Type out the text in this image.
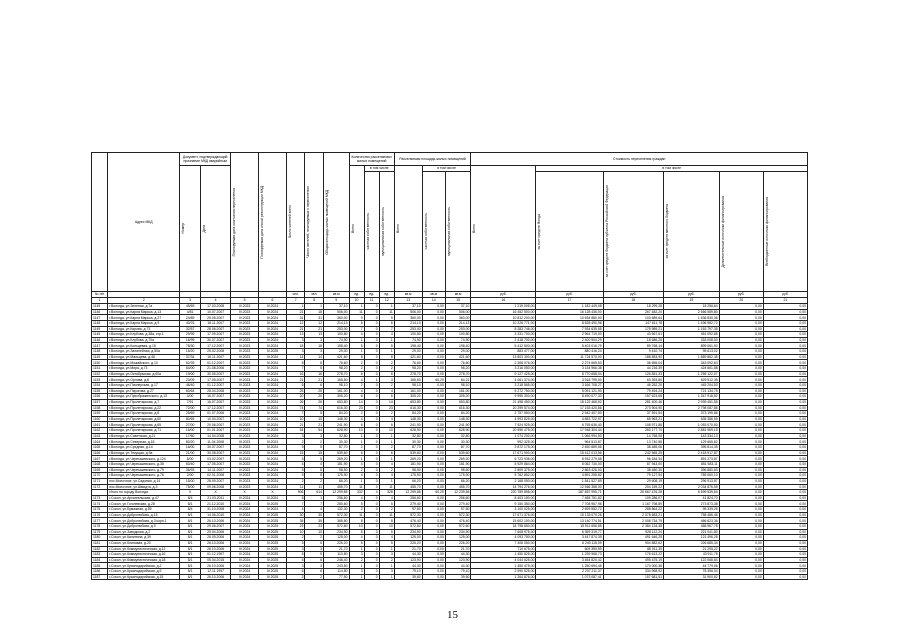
	Адрес МКД	Документ, подтверждающий признание МКД аварийным		Планируемая дата окончания переселения	Планируемая дата сноса/ реконструкции МКД	Число жителей всего	Число жителей, планируемых к переселению	Общая площадь жилых помещений МКД	Количество расселяемых жилых помещений			Расселяемая площадь жилых помещений			Стоимость переселения граждан					

		Номер	Дата						Всего	в том числе		Всего	в том числе		Всего	в том числе				

										частная собственность	муниципальная собственность		частная собственность	муниципальная собственность		за счет средств Фонда	за счет средств бюджета субъекта Российской Федерации	за счет средств местного бюджета	Дополнительные источники финансирования	Внебюджетные источники финансирования

№ п/п						чел.	чел.	кв.м	ед.	ед.	ед.	кв.м	кв.м	кв.м	руб.	руб.	руб.	руб.	руб.	руб.
1	2	3	4	5	6	7	8	9	10	11	12	13	14	15	16	17	18	19	20	21
1145	г.Вологда, ул.Зеленая, д.7а	45/69	17.03.2008	IV.2023	IV.2024	1	1	37,10	1	0	1	37,10	0,00	37,10	1 219 005,00	1 182 449,08	18 299,28	18 256,64	0,00	0,00
1146	г.Вологда, ул.Карла Маркса, д.13	4/81	10.07.2007	IV.2023	IV.2024	21	18	506,00	11	0	11	506,00	0,00	506,00	16 452 500,00	16 128 436,00	267 482,20	2 666 589,80	0,00	0,00
1147	г.Вологда, ул.Карла Маркса, д.27	24/89	25.05.2007	IV.2023	IV.2024	31	31	360,00	9	0	9	360,00	0,00	360,00	10 812 200,00	10 654 880,00	103 689,64	1 536 830,36	0,00	0,00
1148	г.Вологда, ул.Карла Маркса, д.9	40/76	18.11.2007	IV.2023	IV.2024	12	12	214,13	6	0	6	214,13	0,00	214,13	10 226 771,00	8 528 490,96	147 611,78	1 496 982,72	0,00	0,00
1149	г.Вологда, ул.Кирова, д.73	32/57	28.06.2007	IV.2023	IV.2024	21	21	253,00	7	0	7	253,00	0,00	253,00	8 283 746,00	7 934 635,55	179 989,21	1 153 797,35	0,00	0,00
1145	г.Вологда, ул.Клубова, д.38а, стр.1	29/99	17.09.2007	IV.2023	IV.2024	13	13	100,80	4	0	4	100,80	0,00	100,80	3 331 700,00	2 964 719,00	43 567,61	451 092,85	0,00	0,00
1146	г.Вологда, ул.Клубова, д.70а	16/99	30.07.2007	IV.2023	IV.2024	3	3	74,90	1	0	1	74,90	0,00	74,90	2 418 700,00	2 400 504,29	18 686,25	333 008,00	0,00	0,00
1147	г.Вологда, ул.Кольцевая, д.19	78/30	17.12.2007	IV.2023	IV.2024	18	18	198,40	5	0	5	198,40	0,00	198,40	5 412 500,00	5 403 016,79	89 768,14	899 061,92	0,00	0,00
1148	г.Вологда, ул.Залинейная, д.50а	15/20	25.02.2008	IV.2023	IV.2025	3	3	29,00	1	0	1	29,00	0,00	29,00	883 477,00	880 416,24	9 410,74	95 613,02	0,00	0,00
1149	г.Вологда, ул.Мальцева, д.46	37/34	16.11.2007	IV.2023	IV.2024	14	14	421,60	8	0	8	421,60	0,00	421,60	13 803 300,00	11 724 570,00	188 853,90	1 889 882,38	0,00	0,00
1150	г.Вологда, ул.Можайского, д.10	52/39	01.12.2007	III.2023	IV.2024	8	8	76,60	2	0	2	76,60	0,00	76,60	2 308 076,00	2 274 665,53	36 655,04	343 092,63	0,00	0,00
1151	г.Вологда, ул.Мира, д.73	64/00	21.08.2006	III.2023	IV.2024	7	5	98,20	2	0	2	98,20	0,00	98,20	3 216 050,00	3 134 966,38	44 216,39	424 661,88	0,00	0,00
1152	г.Вологда, ул.Октябрьская, д.60а	19/00	30.05.2007	IV.2023	IV.2024	16	16	278,70	6	0	6	278,70	0,00	278,70	9 127 425,00	8 770 658,04	126 851,33	1 255 122,07	0,00	0,00
1153	г.Вологда, ул.Орлова, д.6	23/09	17.05.2007	IV.2023	IV.2024	21	21	165,50	4	1	3	165,50	60,29	64,21	4 061 374,00	3 918 799,00	63 393,80	629 512,35	0,00	0,00
1154	г.Вологда, ул.Пионерская, д.17	46/40	01.12.2007	IV.2023	IV.2024	6	6	98,10	2	0	2	98,10	0,00	98,10	3 218 565,00	3 166 708,27	46 252,20	445 204,53	0,00	0,00
1155	г.Вологда, ул.Пирогова, д.27	60/64	28.04.2008	III.2023	IV.2024	25	25	161,00	4	0	4	161,00	0,00	161,00	5 272 750,00	5 091 121,90	79 494,24	721 134,75	0,00	0,00
1156	г.Вологда, ул.Преображенского, д.13	4/00	16.07.2007	IV.2023	IV.2024	20	20	305,20	6	0	6	305,20	0,00	305,20	9 995 300,00	8 490 077,33	157 623,65	1 347 918,82	0,00	0,00
1157	г.Вологда, ул.Пролетарская, д.7	7/91	16.07.2007	IV.2023	IV.2024	26	26	653,80	14	0	14	653,80	0,00	653,80	21 498 450,00	18 122 468,92	281 400,46	2 939 451,55	0,00	0,00
1158	г.Вологда, ул.Пролетарская, д.22	72/00	17.12.2007	IV.2023	IV.2024	74	74	616,30	23	0	23	616,30	0,00	616,30	20 299 574,00	17 153 420,86	273 904,90	2 798 087,86	0,00	0,00
1159	г.Вологда, ул.Пролетарская, д.8	25/69	01.07.2006	IV.2023	IV.2024	7	5	84,20	2	0	2	84,20	0,00	84,20	2 757 550,00	2 542 407,50	37 591,54	373 195,86	0,00	0,00
1160	г.Вологда, ул.Пролетарская, д.60	80/69	10.04.2007	IV.2023	IV.2024	10	10	148,30	4	0	4	148,30	0,00	148,30	4 993 825,00	4 853 722,97	65 963,21	635 386,59	0,00	0,00
1161	г.Вологда, ул.Пролетарская, д.65	27/00	20.06.2007	IV.2023	IV.2024	21	21	241,90	6	0	6	241,90	0,00	241,90	7 924 925,00	6 755 636,40	108 971,88	1 053 070,50	0,00	0,00
1162	г.Вологда, ул.Пролетарская, д.71	16/00	01.01.2007	IV.2023	IV.2024	54	54	628,90	10	0	10	628,90	0,00	628,90	20 596 475,00	17 948 304,44	283 177,70	2 881 969,15	0,00	0,00
1163	г.Вологда, ул.Советская, д.21	17/60	14.04.2008	III.2023	IV.2024	3	3	32,80	1	0	1	32,80	0,00	32,80	1 074 200,00	1 066 994,50	14 768,05	143 334,13	0,00	0,00
1164	г.Вологда, ул.Северная, д.18	80/20	11.04.2008	III.2023	IV.2024	2	2	30,30	1	0	1	30,30	0,00	30,30	992 325,00	964 513,87	13 740,58	129 665,82	0,00	0,00
1165	г.Вологда, ул.Средняя, д.14	16/00	30.07.2007	IV.2023	IV.2024	5	5	87,70	2	0	2	87,70	0,00	87,70	2 872 175,00	2 450 889,56	38 485,06	395 814,35	0,00	0,00
1166	г.Вологда, ул.Текущая, д.9а	21/00	30.08.2007	IV.2023	IV.2024	15	15	539,60	6	0	6	539,60	0,00	539,60	17 671 900,00	15 412 013,56	242 565,25	2 418 917,87	0,00	0,00
1167	г.Вологда, ул.Чернышевского, д.124	6/00	03.02.2007	III.2023	IV.2024	5	5	269,20	1	0	1	269,20	0,00	269,20	6 723 936,00	5 932 279,58	96 184,34	891 273,87	0,00	0,00
1168	г.Вологда, ул.Чернышевского, д.35	60/40	17.05.2007	IV.2023	IV.2024	4	4	181,90	4	0	4	181,90	0,00	181,90	5 929 864,00	5 062 730,00	87 943,00	851 583,11	0,00	0,00
1169	г.Вологда, ул.Чернышевского, д.79	36/93	14.11.2007	IV.2023	IV.2024	5	5	98,50	2	0	2	98,50	0,00	98,50	2 809 375,00	2 863 426,00	38 480,30	396 880,83	0,00	0,00
1170	г.Вологда, ул.Чернышевского, д.76	2/00	02.01.2008	IV.2023	IV.2024	5	5	175,90	4	0	4	175,90	0,00	175,90	5 762 852,00	4 891 255,82	79 127,54	789 060,10	0,00	0,00
1171	пос.Молочное, ул.Садовая, д.14	15/00	28.09.2007	IV.2023	IV.2024	2	2	66,20	1	0	1	66,20	0,00	66,20	2 168 050,00	1 841 527,89	29 608,19	296 913,87	0,00	0,00
1172	пос.Молочное, ул.Шмидта, д.3	75/00	09.06.2008	IV.2023	IV.2024	11	11	455,70	11	0	11	455,70	0,00	455,70	14 794 276,00	12 566 358,00	204 159,22	2 034 876,55	0,00	0,00
	Итого по городу Вологда	X	X	X	X	906	614	12 299,85	332	4	328	12 299,85	60,29	12 239,56	220 789 898,00	187 857 995,71	26 667 476,28	6 599 539,84	0,00	0,00
1173	г.Сокол, ул.Архангельская, д.47	8/4	21.03.2011	IV.2024	IV.2024	5	1	256,60	4	0	4	256,60	0,00	256,60	8 403 150,00	7 485 751,82	109 286,07	41 824,70	0,00	0,00
1174	г.Сокол, ул.Гоголевская, д.28	8/1	21.12.2010	IV.2024	IV.2025	7	7	280,60	5	0	5	279,40	0,00	279,40	9 150 350,00	7 708 967,96	1 167 798,89	273 873,38	0,00	0,00
1175	г.Сокол, ул.Бумажная, д.59	8/4	31.10.2008	IV.2024	IV.2024	4	4	132,30	2	0	2	97,50	0,00	97,50	3 100 025,00	2 699 552,72	288 864,22	95 339,26	0,00	0,00
1176	г.Сокол, ул.Добролюбова, д.15	8/1	14.06.2010	IV.2024	IV.2025	30	30	572,30	11	0	11	572,30	0,00	572,30	17 671 376,00	15 133 070,26	2 078 683,21	758 486,46	0,00	0,00
1177	г.Сокол, ул.Добролюбова, д.3 корп.1	8/1	26.10.2006	IV.2024	IV.2025	35	35	365,80	8	0	8	476,40	0,00	476,40	15 602 100,00	13 140 774,51	2 008 734,79	466 623,36	0,00	0,00
1178	г.Сокол, ул.Добролюбова, д.9	8/1	29.06.2007	IV.2024	IV.2025	23	23	572,60	10	0	10	572,60	0,00	572,60	18 798 650,00	15 911 656,85	2 384 134,38	468 967,78	0,00	0,00
1179	г.Сокол, ул.Заводская, д.2	8/1	25.04.2006	IV.2024	IV.2025	10	10	234,90	5	0	5	234,90	0,00	234,90	7 608 975,00	6 359 319,77	928 112,24	221 041,80	0,00	0,00
1180	г.Сокол, ул.Калинина, д.39	8/1	26.09.2006	IV.2024	IV.2025	2	2	125,00	4	0	4	125,00	0,00	125,00	4 093 750,00	3 447 874,39	491 646,25	121 496,28	0,00	0,00
1181	г.Сокол, ул.Клиновая, д.20	8/1	26.10.2006	IV.2024	IV.2025	5	5	226,20	5	0	5	226,20	0,00	226,20	7 408 050,00	6 240 115,09	904 882,62	226 685,34	0,00	0,00
1182	г.Сокол, ул.Коммунистическая, д.12	8/1	26.10.2006	IV.2024	IV.2025	3	3	21,70	1	0	1	21,70	0,00	21,70	710 675,00	605 390,99	88 011,35	21 295,22	0,00	0,00
1183	г.Сокол, ул.Коммунистическая, д.16	8/1	01.12.1997	IV.2024	IV.2025	5	5	110,80	3	0	3	44,30	0,00	44,30	1 450 825,00	1 239 968,73	176 613,22	43 911,78	0,00	0,00
1184	г.Сокол, ул.Коммунистическая, д.18	8/1	05.04.2015	IV.2024	IV.2025	6	6	246,40	2	0	2	123,90	0,00	123,90	4 044 625,00	3 454 820,42	495 475,19	122 068,84	0,00	0,00
1185	г.Сокол, ул.Краснодарийская, д.2	8/1	26.10.2006	IV.2024	IV.2025	3	3	243,50	1	0	1	44,30	0,00	44,30	1 450 475,00	1 250 694,45	170 000,36	44 779,06	0,00	0,00
1186	г.Сокол, ул.Краснодарийская, д.9	8/1	12.11.1997	IV.2024	IV.2025	6	6	114,80	3	0	3	79,10	0,00	79,10	2 590 525,00	2 207 211,37	334 968,92	78 356,04	0,00	0,00
1187	г.Сокол, ул.Краснодарийская, д.15	8/1	26.10.2006	IV.2024	IV.2025	2	2	77,50	1	0	1	39,60	0,00	39,60	1 264 876,00	1 073 087,41	157 681,51	31 900,82	0,00	0,00
15
